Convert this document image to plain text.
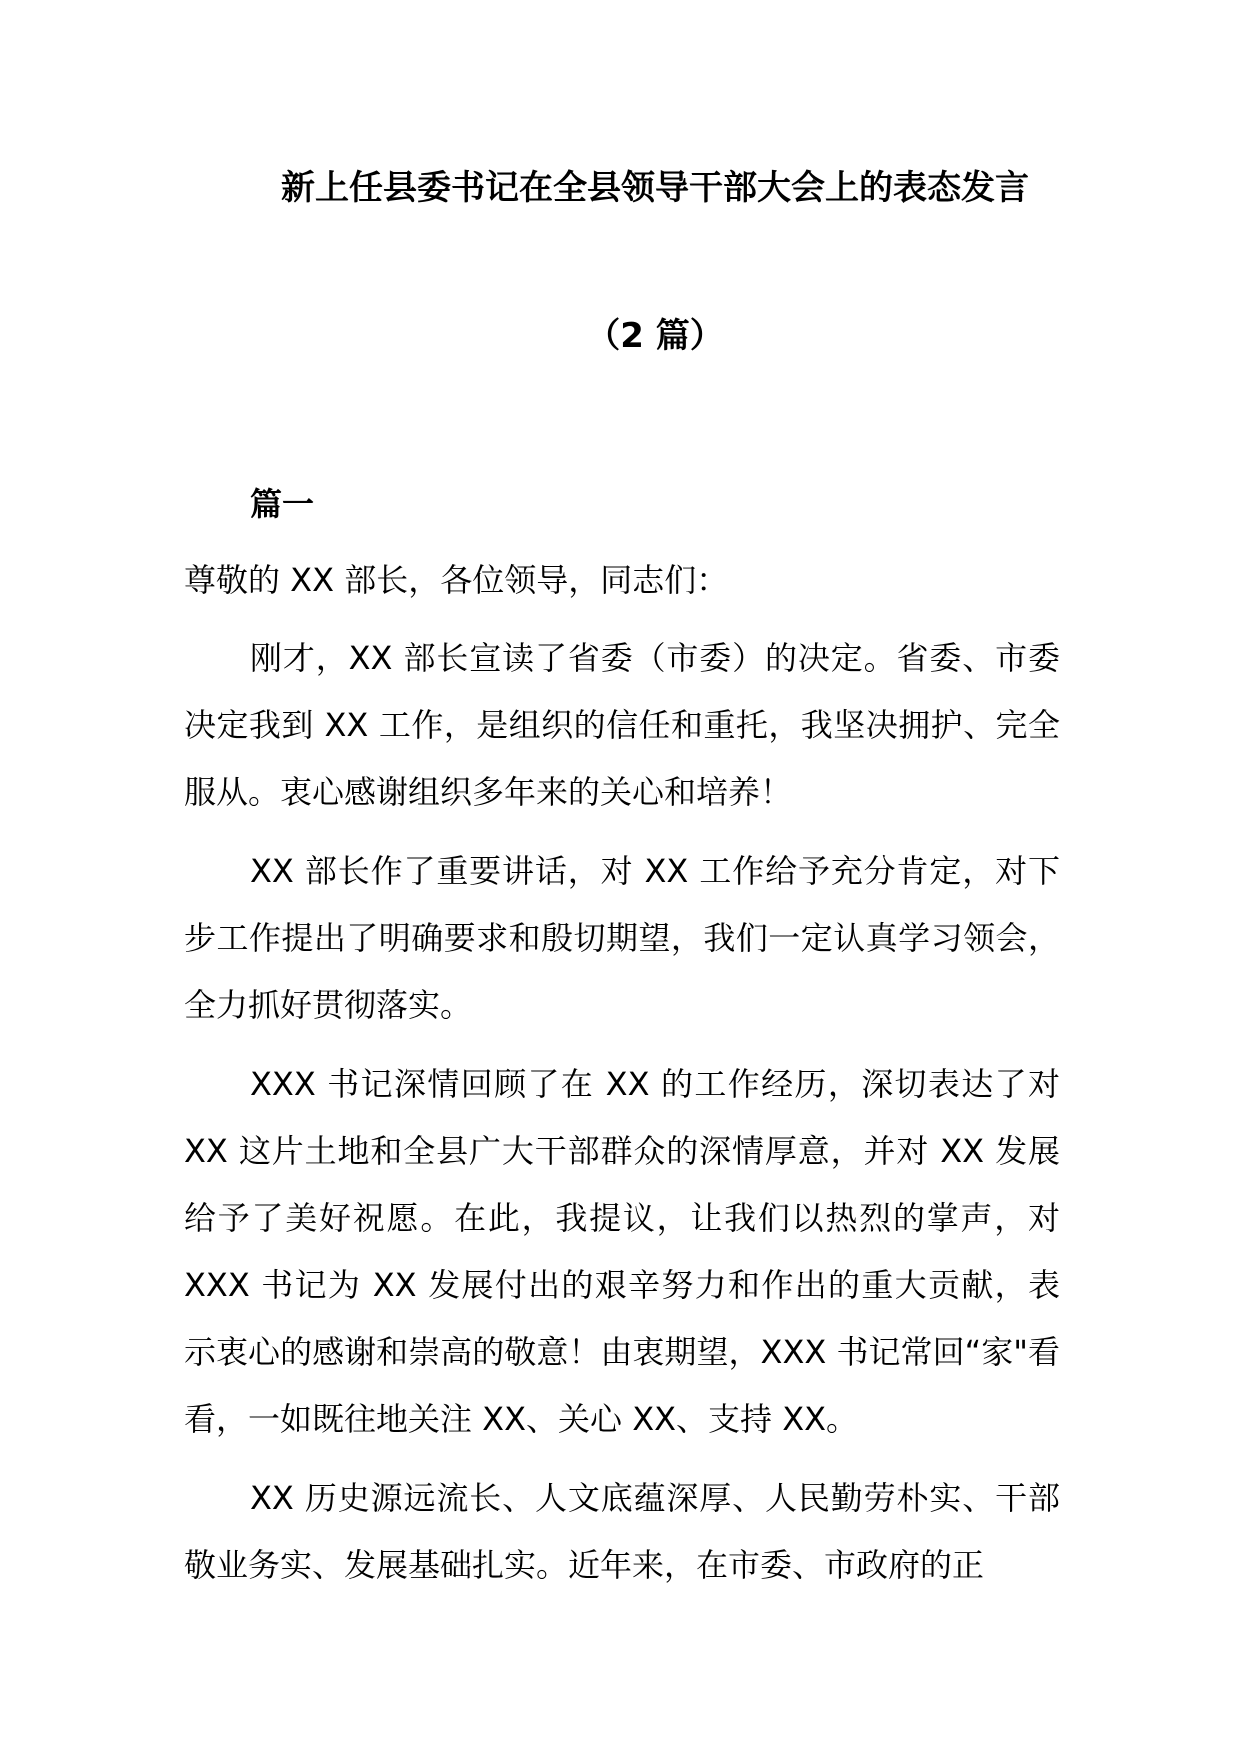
新上任县委书记在全县领导干部大会上的表态发言
（2 篇）
篇一

尊敬的 XX 部长，各位领导，同志们：

刚才，XX 部长宣读了省委（市委）的决定。省委、市委决定我到 XX 工作，是组织的信任和重托，我坚决拥护、完全服从。衷心感谢组织多年来的关心和培养！

XX 部长作了重要讲话，对 XX 工作给予充分肯定，对下步工作提出了明确要求和殷切期望，我们一定认真学习领会，全力抓好贯彻落实。

XXX 书记深情回顾了在 XX 的工作经历，深切表达了对 XX 这片土地和全县广大干部群众的深情厚意，并对 XX 发展给予了美好祝愿。在此，我提议，让我们以热烈的掌声，对 XXX 书记为 XX 发展付出的艰辛努力和作出的重大贡献，表示衷心的感谢和崇高的敬意！由衷期望，XXX 书记常回“家"看看，一如既往地关注 XX、关心 XX、支持 XX。

XX 历史源远流长、人文底蕴深厚、人民勤劳朴实、干部敬业务实、发展基础扎实。近年来，在市委、市政府的正
